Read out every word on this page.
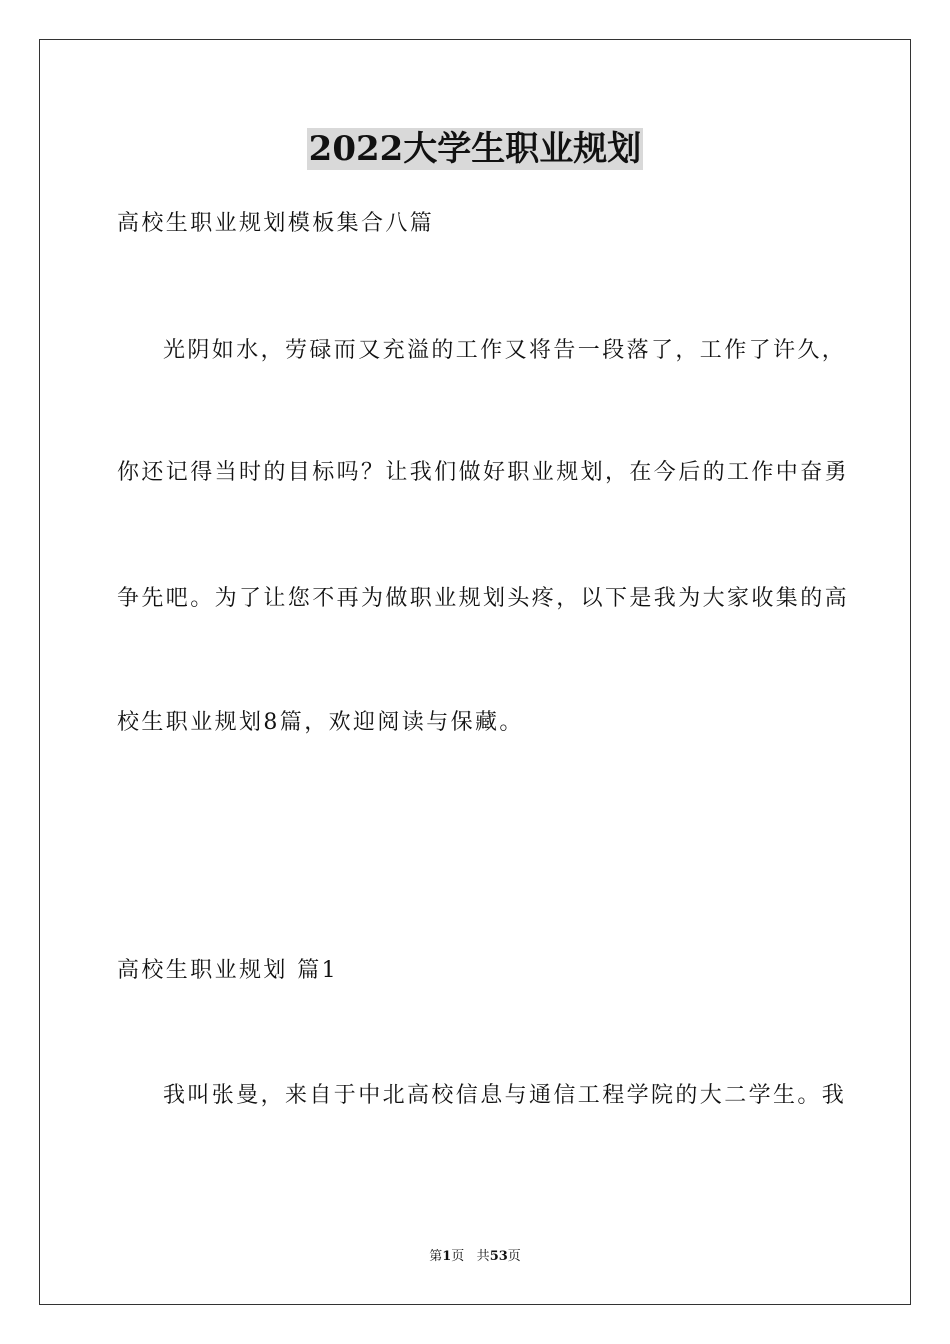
2022大学生职业规划
高校生职业规划模板集合八篇
光阴如水，劳碌而又充溢的工作又将告一段落了，工作了许久，
你还记得当时的目标吗？让我们做好职业规划，在今后的工作中奋勇
争先吧。为了让您不再为做职业规划头疼，以下是我为大家收集的高
校生职业规划8篇，欢迎阅读与保藏。
高校生职业规划 篇1
我叫张曼，来自于中北高校信息与通信工程学院的大二学生。我
第1页 共53页
